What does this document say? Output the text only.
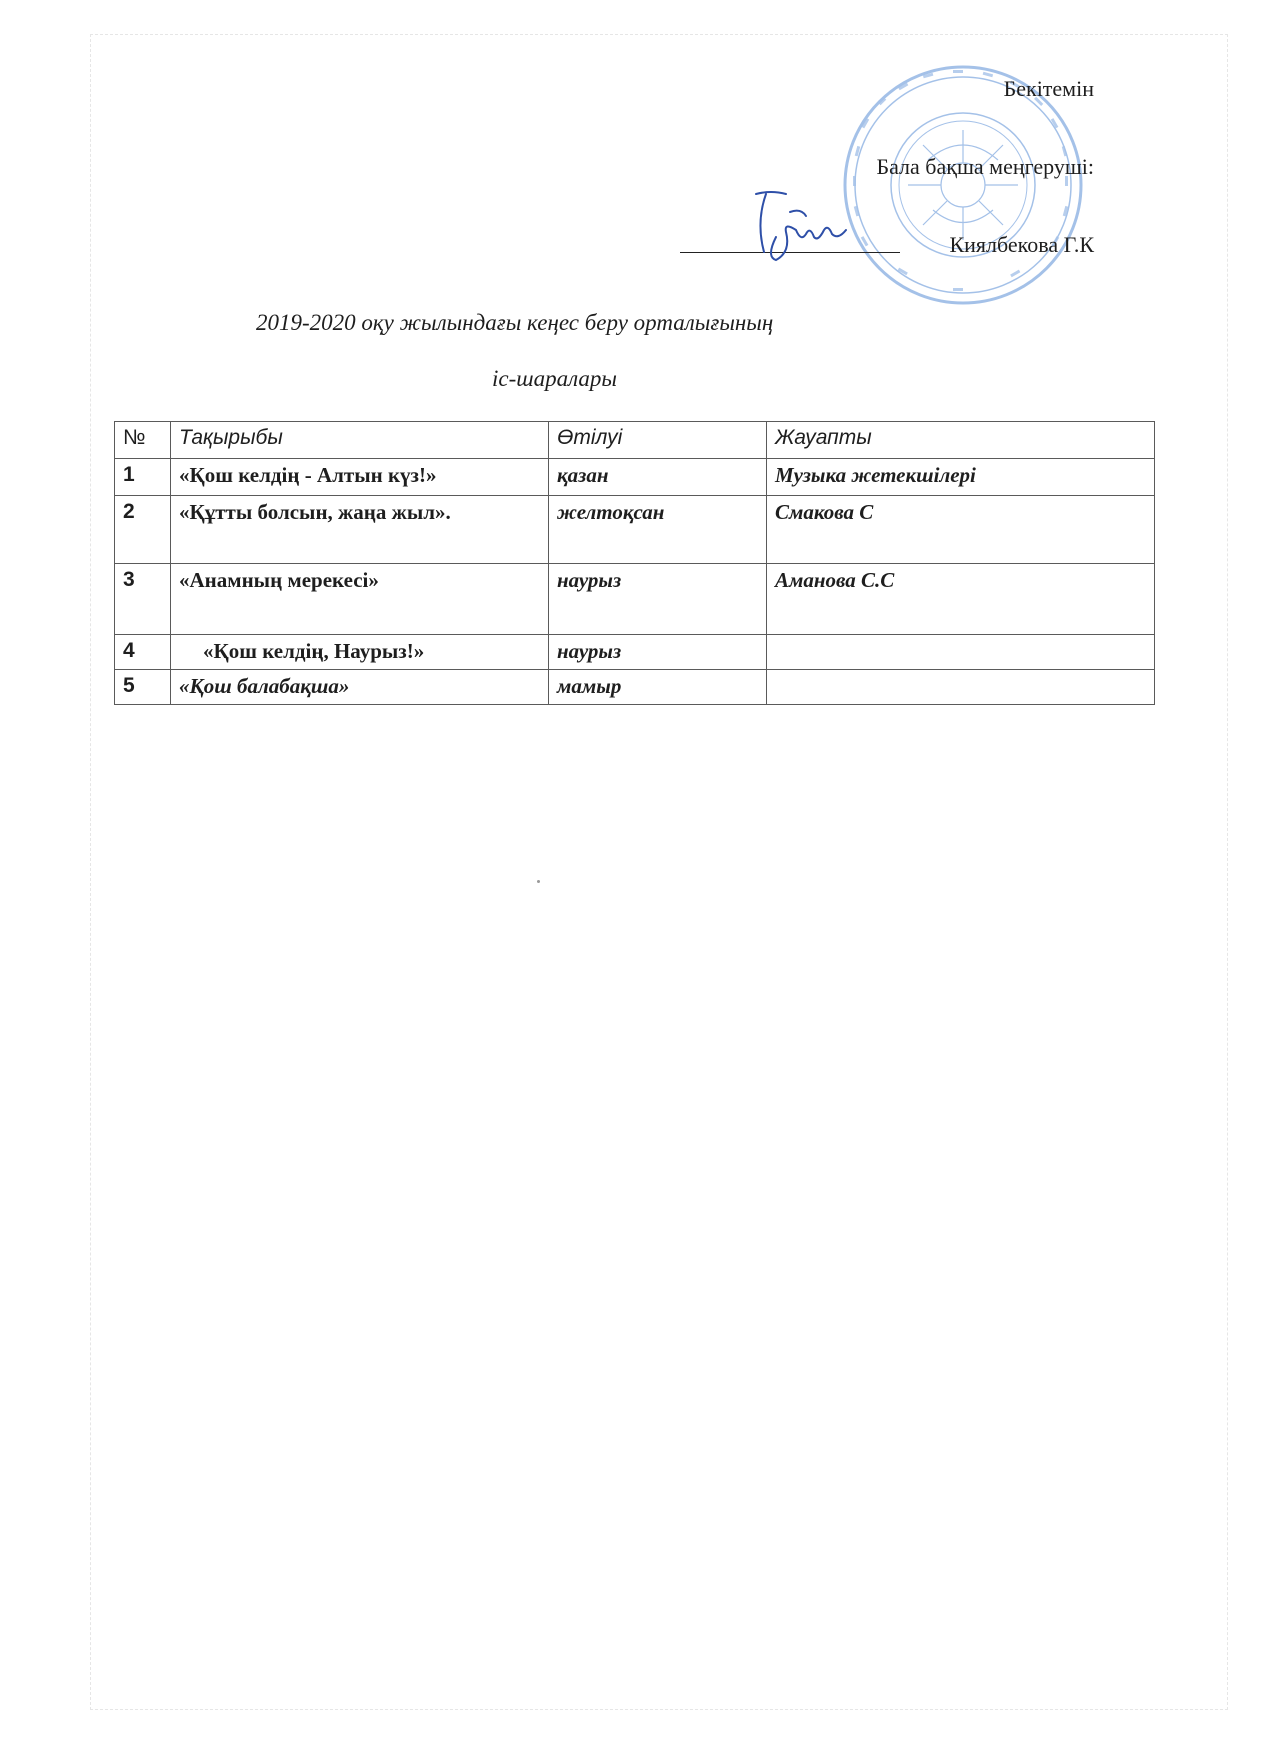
Бекітемін
Бала бақша меңгеруші:
Киялбекова Г.К
2019-2020 оқу жылындағы кеңес беру орталығының
іс-шаралары
№	Тақырыбы	Өтілуі	Жауапты
1	«Қош келдің - Алтын күз!»	қазан	Музыка жетекшілері
2	«Құтты болсын, жаңа жыл».	желтоқсан	Смакова С
3	«Анамның мерекесі»	наурыз	Аманова С.С
4	«Қош келдің, Наурыз!»	наурыз	
5	«Қош балабақша»	мамыр	
